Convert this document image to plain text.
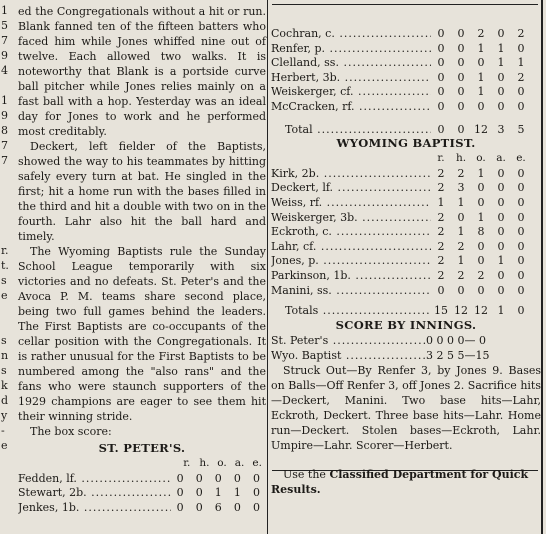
1
5
7
9
4
1
9
8
7
7
r.
t.
s
e
s
n
s
k
d
y
-
e

ed the Congregationals without a hit or run. Blank fanned ten of the fifteen batters who faced him while Jones whiffed nine out of twelve. Each allowed two walks. It is noteworthy that Blank is a portside curve ball pitcher while Jones relies mainly on a fast ball with a hop. Yesterday was an ideal day for Jones to work and he performed most creditably.

Deckert, left fielder of the Baptists, showed the way to his teammates by hitting safely every turn at bat. He singled in the first; hit a home run with the bases filled in the third and hit a double with two on in the fourth. Lahr also hit the ball hard and timely.

The Wyoming Baptists rule the Sunday School League temporarily with six victories and no defeats. St. Peter's and the Avoca P. M. teams share second place, being two full games behind the leaders. The First Baptists are co-occupants of the cellar position with the Congregationals. It is rather unusual for the First Baptists to be numbered among the "also rans" and the fans who were staunch supporters of the 1929 champions are eager to see them hit their winning stride.

The box score:

ST. PETER'S.
r. h. o. a. e.
Fedden, lf. .....	0	0	0	0	0
Stewart, 2b. .....	0	0	1	1	0
Jenkes, 1b. .....	0	0	6	0	0
Cochran, c. .....	0	0	2	0	2
Renfer, p. .....	0	0	1	1	0
Clelland, ss. .....	0	0	0	1	1
Herbert, 3b. .....	0	0	1	0	2
Weiskerger, cf. .....	0	0	1	0	0
McCracken, rf. .....	0	0	0	0	0
Total .....	0	0 12 3	5
WYOMING BAPTIST.
r.	h. o. a. e.
Kirk, 2b. .....	2	2	1	0	0
Deckert, lf. .....	2	3	0	0	0
Weiss, rf. .....	1	1	0	0	0
Weiskerger, 3b. .....	2	0	1	0	0
Eckroth, c. .....	2	1	8	0	0
Lahr, cf. .....	2	2	0	0	0
Jones, p. .....	2	1	0	1	0
Parkinson, 1b. .....	2	2	2	0	0
Manini, ss. .....	0	0	0	0	0
Totals .....	15 12 12 1	0
SCORE BY INNINGS.
St. Peter's .....	0 0 0 0— 0
Wyo. Baptist .....	3 2 5 5—15

Struck Out—By Renfer 3, by Jones 9. Bases on Balls—Off Renfer 3, off Jones 2. Sacrifice hits—Deckert, Manini. Two base hits—Lahr, Eckroth, Deckert. Three base hits—Lahr. Home run—Deckert. Stolen bases—Eckroth, Lahr. Umpire—Lahr. Scorer—Herbert.

Use the Classified Department for Quick Results.
